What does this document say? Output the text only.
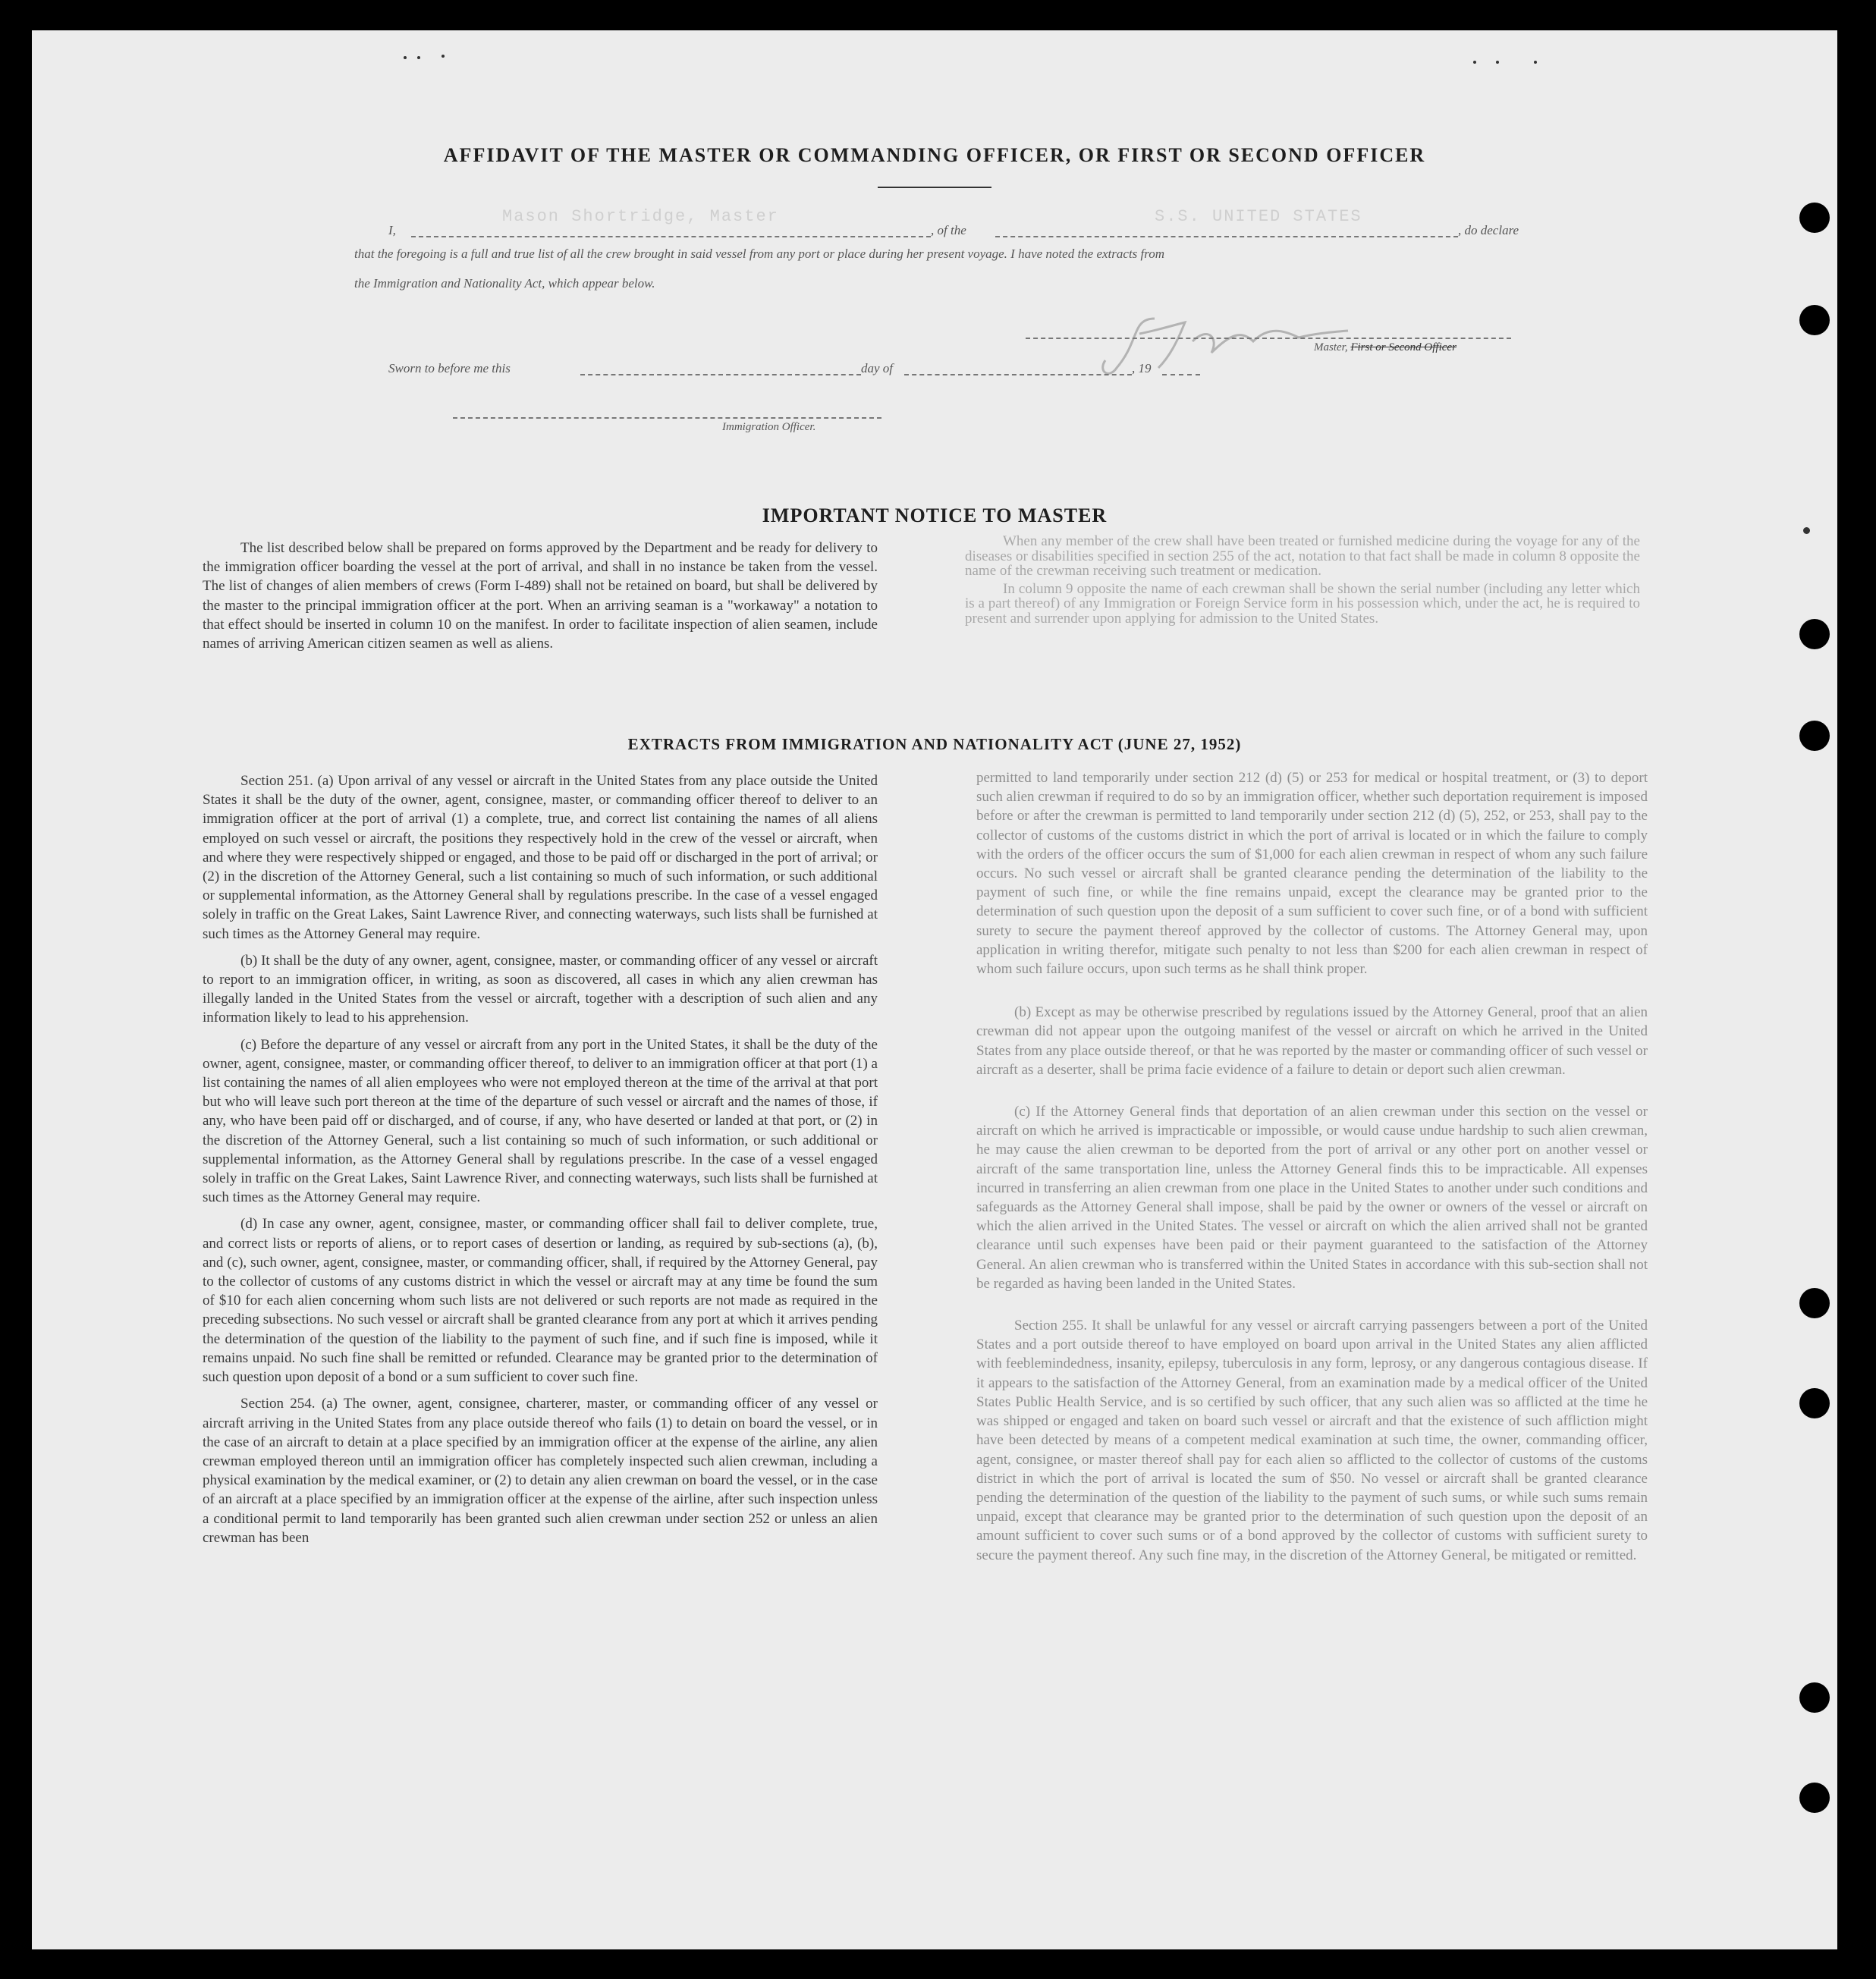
AFFIDAVIT OF THE MASTER OR COMMANDING OFFICER, OR FIRST OR SECOND OFFICER
Mason Shortridge, Master	S.S. UNITED STATES
I,	, of the	, do declare
that the foregoing is a full and true list of all the crew brought in said vessel from any port or place during her present voyage. I have noted the extracts from
the Immigration and Nationality Act, which appear below.
Master, First or Second Officer
Sworn to before me this	day of	, 19
Immigration Officer.
IMPORTANT NOTICE TO MASTER

The list described below shall be prepared on forms approved by the Department and be ready for delivery to the immigration officer boarding the vessel at the port of arrival, and shall in no instance be taken from the vessel. The list of changes of alien members of crews (Form I-489) shall not be retained on board, but shall be delivered by the master to the principal immigration officer at the port. When an arriving seaman is a "workaway" a notation to that effect should be inserted in column 10 on the manifest. In order to facilitate inspection of alien seamen, include names of arriving American citizen seamen as well as aliens.

When any member of the crew shall have been treated or furnished medicine during the voyage for any of the diseases or disabilities specified in section 255 of the act, notation to that fact shall be made in column 8 opposite the name of the crewman receiving such treatment or medication.

In column 9 opposite the name of each crewman shall be shown the serial number (including any letter which is a part thereof) of any Immigration or Foreign Service form in his possession which, under the act, he is required to present and surrender upon applying for admission to the United States.

EXTRACTS FROM IMMIGRATION AND NATIONALITY ACT (JUNE 27, 1952)

Section 251. (a) Upon arrival of any vessel or aircraft in the United States from any place outside the United States it shall be the duty of the owner, agent, consignee, master, or commanding officer thereof to deliver to an immigration officer at the port of arrival (1) a complete, true, and correct list containing the names of all aliens employed on such vessel or aircraft, the positions they respectively hold in the crew of the vessel or aircraft, when and where they were respectively shipped or engaged, and those to be paid off or discharged in the port of arrival; or (2) in the discretion of the Attorney General, such a list containing so much of such information, or such additional or supplemental information, as the Attorney General shall by regulations prescribe. In the case of a vessel engaged solely in traffic on the Great Lakes, Saint Lawrence River, and connecting waterways, such lists shall be furnished at such times as the Attorney General may require.

(b) It shall be the duty of any owner, agent, consignee, master, or commanding officer of any vessel or aircraft to report to an immigration officer, in writing, as soon as discovered, all cases in which any alien crewman has illegally landed in the United States from the vessel or aircraft, together with a description of such alien and any information likely to lead to his apprehension.

(c) Before the departure of any vessel or aircraft from any port in the United States, it shall be the duty of the owner, agent, consignee, master, or commanding officer thereof, to deliver to an immigration officer at that port (1) a list containing the names of all alien employees who were not employed thereon at the time of the arrival at that port but who will leave such port thereon at the time of the departure of such vessel or aircraft and the names of those, if any, who have been paid off or discharged, and of course, if any, who have deserted or landed at that port, or (2) in the discretion of the Attorney General, such a list containing so much of such information, or such additional or supplemental information, as the Attorney General shall by regulations prescribe. In the case of a vessel engaged solely in traffic on the Great Lakes, Saint Lawrence River, and connecting waterways, such lists shall be furnished at such times as the Attorney General may require.

(d) In case any owner, agent, consignee, master, or commanding officer shall fail to deliver complete, true, and correct lists or reports of aliens, or to report cases of desertion or landing, as required by sub-sections (a), (b), and (c), such owner, agent, consignee, master, or commanding officer, shall, if required by the Attorney General, pay to the collector of customs of any customs district in which the vessel or aircraft may at any time be found the sum of $10 for each alien concerning whom such lists are not delivered or such reports are not made as required in the preceding subsections. No such vessel or aircraft shall be granted clearance from any port at which it arrives pending the determination of the question of the liability to the payment of such fine, and if such fine is imposed, while it remains unpaid. No such fine shall be remitted or refunded. Clearance may be granted prior to the determination of such question upon deposit of a bond or a sum sufficient to cover such fine.

Section 254. (a) The owner, agent, consignee, charterer, master, or commanding officer of any vessel or aircraft arriving in the United States from any place outside thereof who fails (1) to detain on board the vessel, or in the case of an aircraft to detain at a place specified by an immigration officer at the expense of the airline, any alien crewman employed thereon until an immigration officer has completely inspected such alien crewman, including a physical examination by the medical examiner, or (2) to detain any alien crewman on board the vessel, or in the case of an aircraft at a place specified by an immigration officer at the expense of the airline, after such inspection unless a conditional permit to land temporarily has been granted such alien crewman under section 252 or unless an alien crewman has been

permitted to land temporarily under section 212 (d) (5) or 253 for medical or hospital treatment, or (3) to deport such alien crewman if required to do so by an immigration officer, whether such deportation requirement is imposed before or after the crewman is permitted to land temporarily under section 212 (d) (5), 252, or 253, shall pay to the collector of customs of the customs district in which the port of arrival is located or in which the failure to comply with the orders of the officer occurs the sum of $1,000 for each alien crewman in respect of whom any such failure occurs. No such vessel or aircraft shall be granted clearance pending the determination of the liability to the payment of such fine, or while the fine remains unpaid, except the clearance may be granted prior to the determination of such question upon the deposit of a sum sufficient to cover such fine, or of a bond with sufficient surety to secure the payment thereof approved by the collector of customs. The Attorney General may, upon application in writing therefor, mitigate such penalty to not less than $200 for each alien crewman in respect of whom such failure occurs, upon such terms as he shall think proper.

(b) Except as may be otherwise prescribed by regulations issued by the Attorney General, proof that an alien crewman did not appear upon the outgoing manifest of the vessel or aircraft on which he arrived in the United States from any place outside thereof, or that he was reported by the master or commanding officer of such vessel or aircraft as a deserter, shall be prima facie evidence of a failure to detain or deport such alien crewman.

(c) If the Attorney General finds that deportation of an alien crewman under this section on the vessel or aircraft on which he arrived is impracticable or impossible, or would cause undue hardship to such alien crewman, he may cause the alien crewman to be deported from the port of arrival or any other port on another vessel or aircraft of the same transportation line, unless the Attorney General finds this to be impracticable. All expenses incurred in transferring an alien crewman from one place in the United States to another under such conditions and safeguards as the Attorney General shall impose, shall be paid by the owner or owners of the vessel or aircraft on which the alien arrived in the United States. The vessel or aircraft on which the alien arrived shall not be granted clearance until such expenses have been paid or their payment guaranteed to the satisfaction of the Attorney General. An alien crewman who is transferred within the United States in accordance with this sub-section shall not be regarded as having been landed in the United States.

Section 255. It shall be unlawful for any vessel or aircraft carrying passengers between a port of the United States and a port outside thereof to have employed on board upon arrival in the United States any alien afflicted with feeblemindedness, insanity, epilepsy, tuberculosis in any form, leprosy, or any dangerous contagious disease. If it appears to the satisfaction of the Attorney General, from an examination made by a medical officer of the United States Public Health Service, and is so certified by such officer, that any such alien was so afflicted at the time he was shipped or engaged and taken on board such vessel or aircraft and that the existence of such affliction might have been detected by means of a competent medical examination at such time, the owner, commanding officer, agent, consignee, or master thereof shall pay for each alien so afflicted to the collector of customs of the customs district in which the port of arrival is located the sum of $50. No vessel or aircraft shall be granted clearance pending the determination of the question of the liability to the payment of such sums, or while such sums remain unpaid, except that clearance may be granted prior to the determination of such question upon the deposit of an amount sufficient to cover such sums or of a bond approved by the collector of customs with sufficient surety to secure the payment thereof. Any such fine may, in the discretion of the Attorney General, be mitigated or remitted.
